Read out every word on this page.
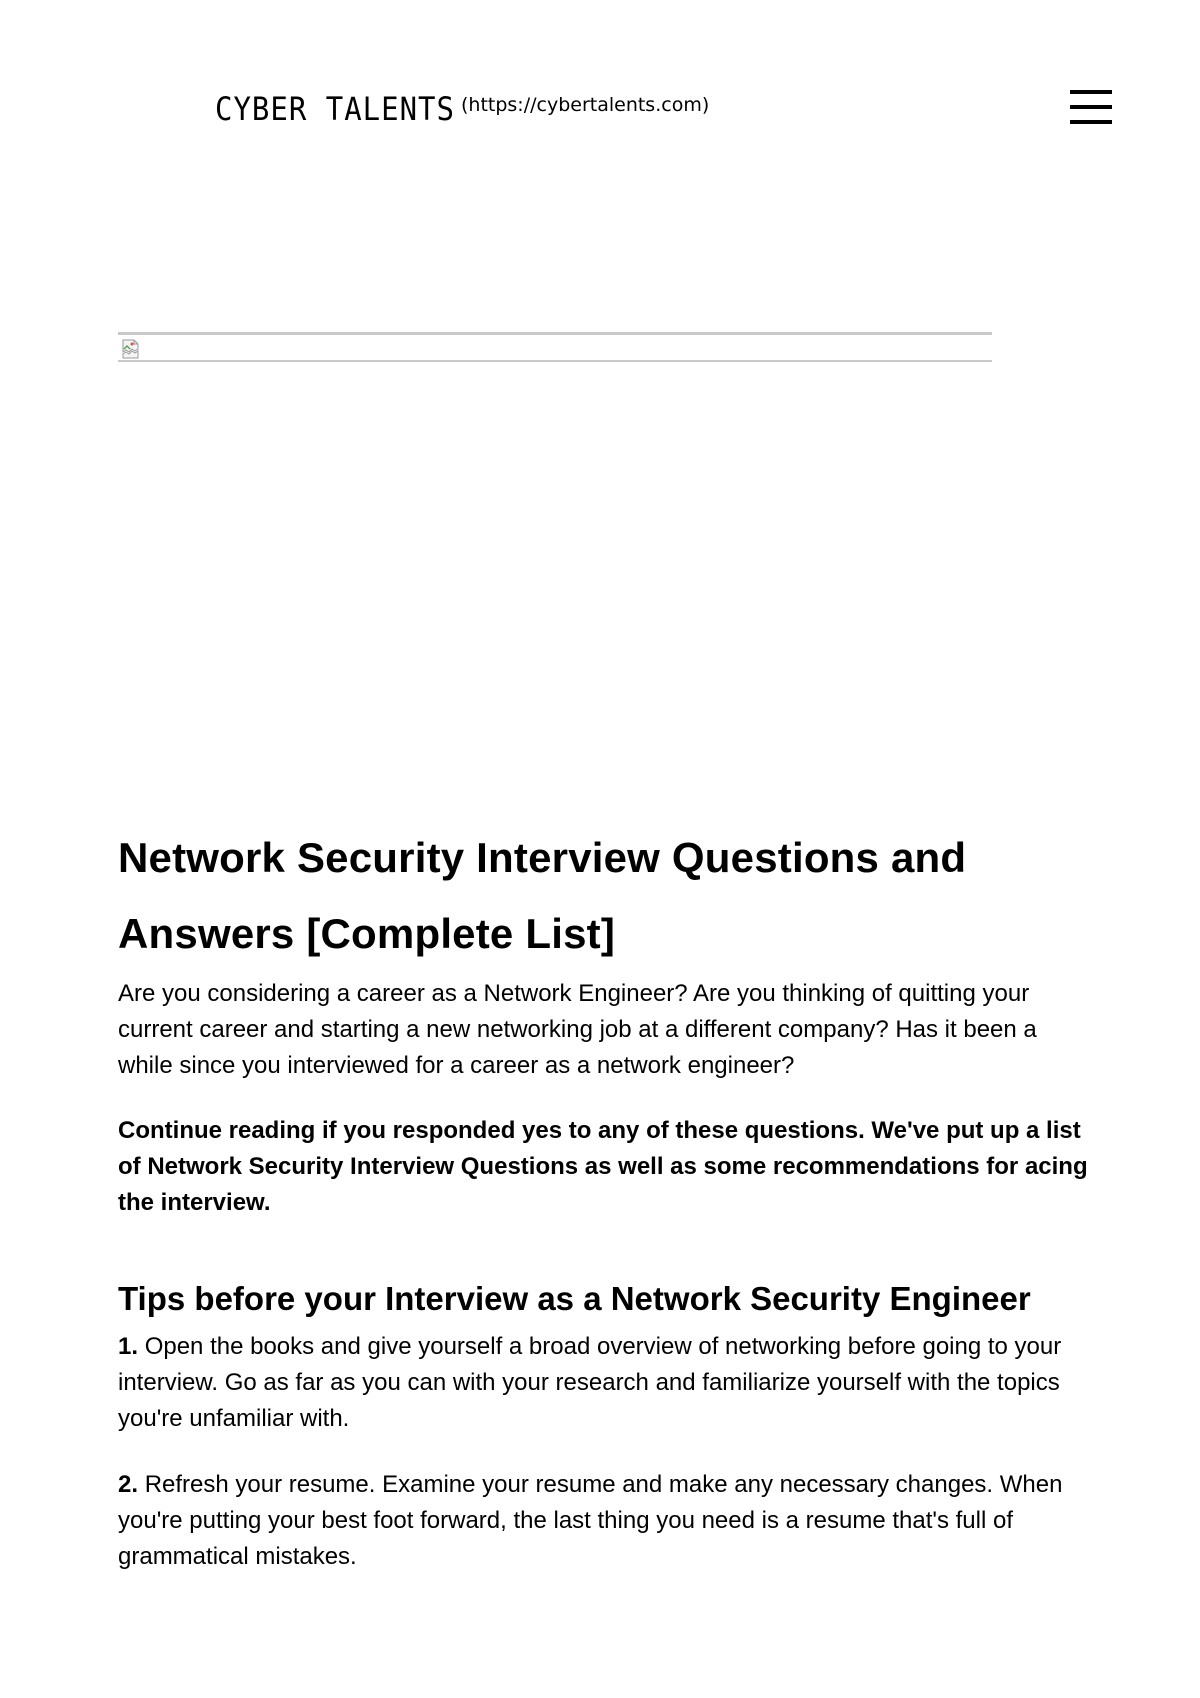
CYBER TALENTS (https://cybertalents.com)
Network Security Interview Questions and Answers [Complete List]

Are you considering a career as a Network Engineer? Are you thinking of quitting your current career and starting a new networking job at a different company? Has it been a while since you interviewed for a career as a network engineer?

Continue reading if you responded yes to any of these questions. We've put up a list of Network Security Interview Questions as well as some recommendations for acing the interview.

Tips before your Interview as a Network Security Engineer

1. Open the books and give yourself a broad overview of networking before going to your interview. Go as far as you can with your research and familiarize yourself with the topics you're unfamiliar with.

2. Refresh your resume. Examine your resume and make any necessary changes. When you're putting your best foot forward, the last thing you need is a resume that's full of grammatical mistakes.
